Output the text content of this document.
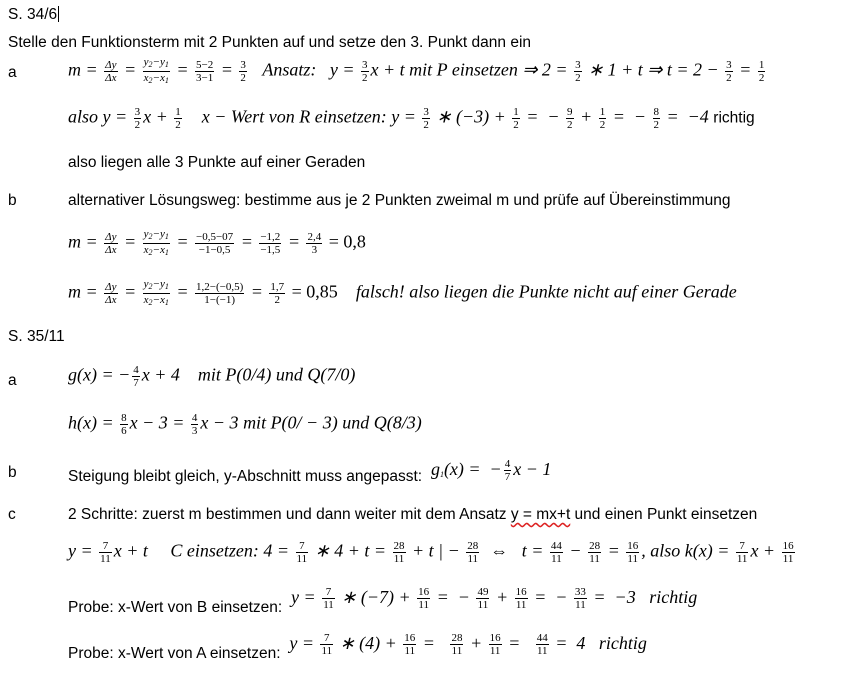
S. 34/6
Stelle den Funktionsterm mit 2 Punkten auf und setze den 3. Punkt dann ein
a	$m = \frac{\Delta y}{\Delta x} = \frac{y_2-y_1}{x_2-x_1} = \frac{5-2}{3-1} = \frac{3}{2}$ Ansatz:   $y = \frac{3}{2}$ x + t mit P einsetzen ⇒ $2 = \frac{3}{2}$ ∗ 1 + t ⇒ $t = 2 - \frac{3}{2} = \frac{1}{2}$
also $y = \frac{3}{2}$ $x + \frac{1}{2}$ x − Wert von R einsetzen: $y = \frac{3}{2}$ ∗ $(-3) + \frac{1}{2}$ =  − $\frac{9}{2} + \frac{1}{2}$ =  − $\frac{8}{2} = -4$ richtig
also liegen alle 3 Punkte auf einer Geraden
b	alternativer Lösungsweg: bestimme aus je 2 Punkten zweimal m und prüfe auf Übereinstimmung
$m = \frac{\Delta y}{\Delta x} = \frac{y_2-y_1}{x_2-x_1} = \frac{-0,5-07}{-1-0,5} = \frac{-1,2}{-1,5} = \frac{2,4}{3} = 0,8$
$m = \frac{\Delta y}{\Delta x} = \frac{y_2-y_1}{x_2-x_1} = \frac{1,2-(-0,5)}{1-(-1)} = \frac{1,7}{2} = 0,85$ falsch! also liegen die Punkte nicht auf einer Gerade
S. 35/11
a	g(x) = − $\frac{4}{7}$ x + 4    mit P(0/4) und Q(7/0)
$h(x) = \frac{8}{6}$ $x - 3 = \frac{4}{3}$ x − 3 mit P(0/ − 3) und Q(8/3)
b	Steigung bleibt gleich, y-Abschnitt muss angepasst:  $g_1(x)$ =  − $\frac{4}{7}$ x − 1
c	2 Schritte: zuerst m bestimmen und dann weiter mit dem Ansatz y = mx+t und einen Punkt einsetzen
$y = \frac{7}{11}$ x + t     C einsetzen: $4 = \frac{7}{11}$ ∗ $4 + t = \frac{28}{11} + t$ | − $\frac{28}{11}$ ⇔   $t = \frac{44}{11} - \frac{28}{11} = \frac{16}{11}$ , also $k(x) = \frac{7}{11}$ $x + \frac{16}{11}$
Probe: x-Wert von B einsetzen:  $y = \frac{7}{11}$ ∗ $(-7) + \frac{16}{11}$ =  − $\frac{49}{11} + \frac{16}{11}$ =  − $\frac{33}{11} = -3$   richtig
Probe: x-Wert von A einsetzen:  $y = \frac{7}{11}$ ∗ $(4) + \frac{16}{11} = \frac{28}{11} + \frac{16}{11} = \frac{44}{11} = 4$   richtig
